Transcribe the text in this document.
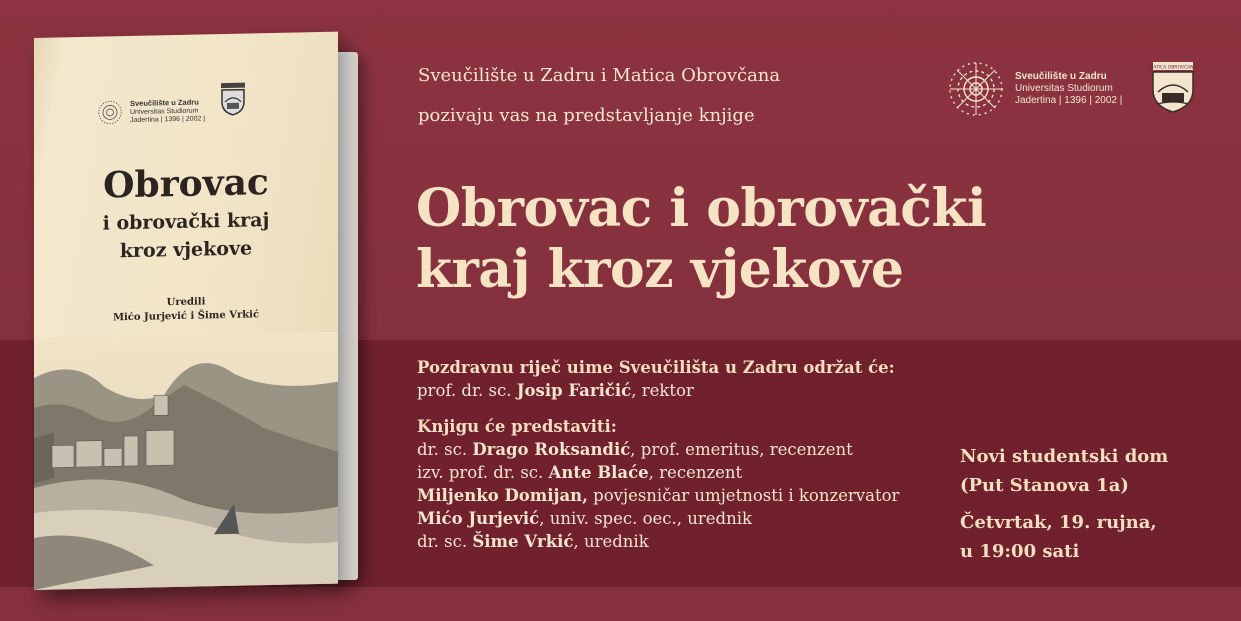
Sveučilište u Zadru
Universitas Studiorum
Jadertina | 1396 | 2002 |
Obrovac
i obrovački kraj
kroz vjekove
Uredili
Mićo Jurjević i Šime Vrkić
Sveučilište u Zadru i Matica Obrovčana
pozivaju vas na predstavljanje knjige
Obrovac i obrovački
kraj kroz vjekove
Sveučilište u Zadru
Universitas Studiorum
Jadertina | 1396 | 2002 |
MATICA OBROVČANA
Pozdravnu riječ uime Sveučilišta u Zadru održat će:
prof. dr. sc. Josip Faričić, rektor
Knjigu će predstaviti:
dr. sc. Drago Roksandić, prof. emeritus, recenzent
izv. prof. dr. sc. Ante Blaće, recenzent
Miljenko Domijan, povjesničar umjetnosti i konzervator
Mićo Jurjević, univ. spec. oec., urednik
dr. sc. Šime Vrkić, urednik
Novi studentski dom
(Put Stanova 1a)
Četvrtak, 19. rujna,
u 19:00 sati
